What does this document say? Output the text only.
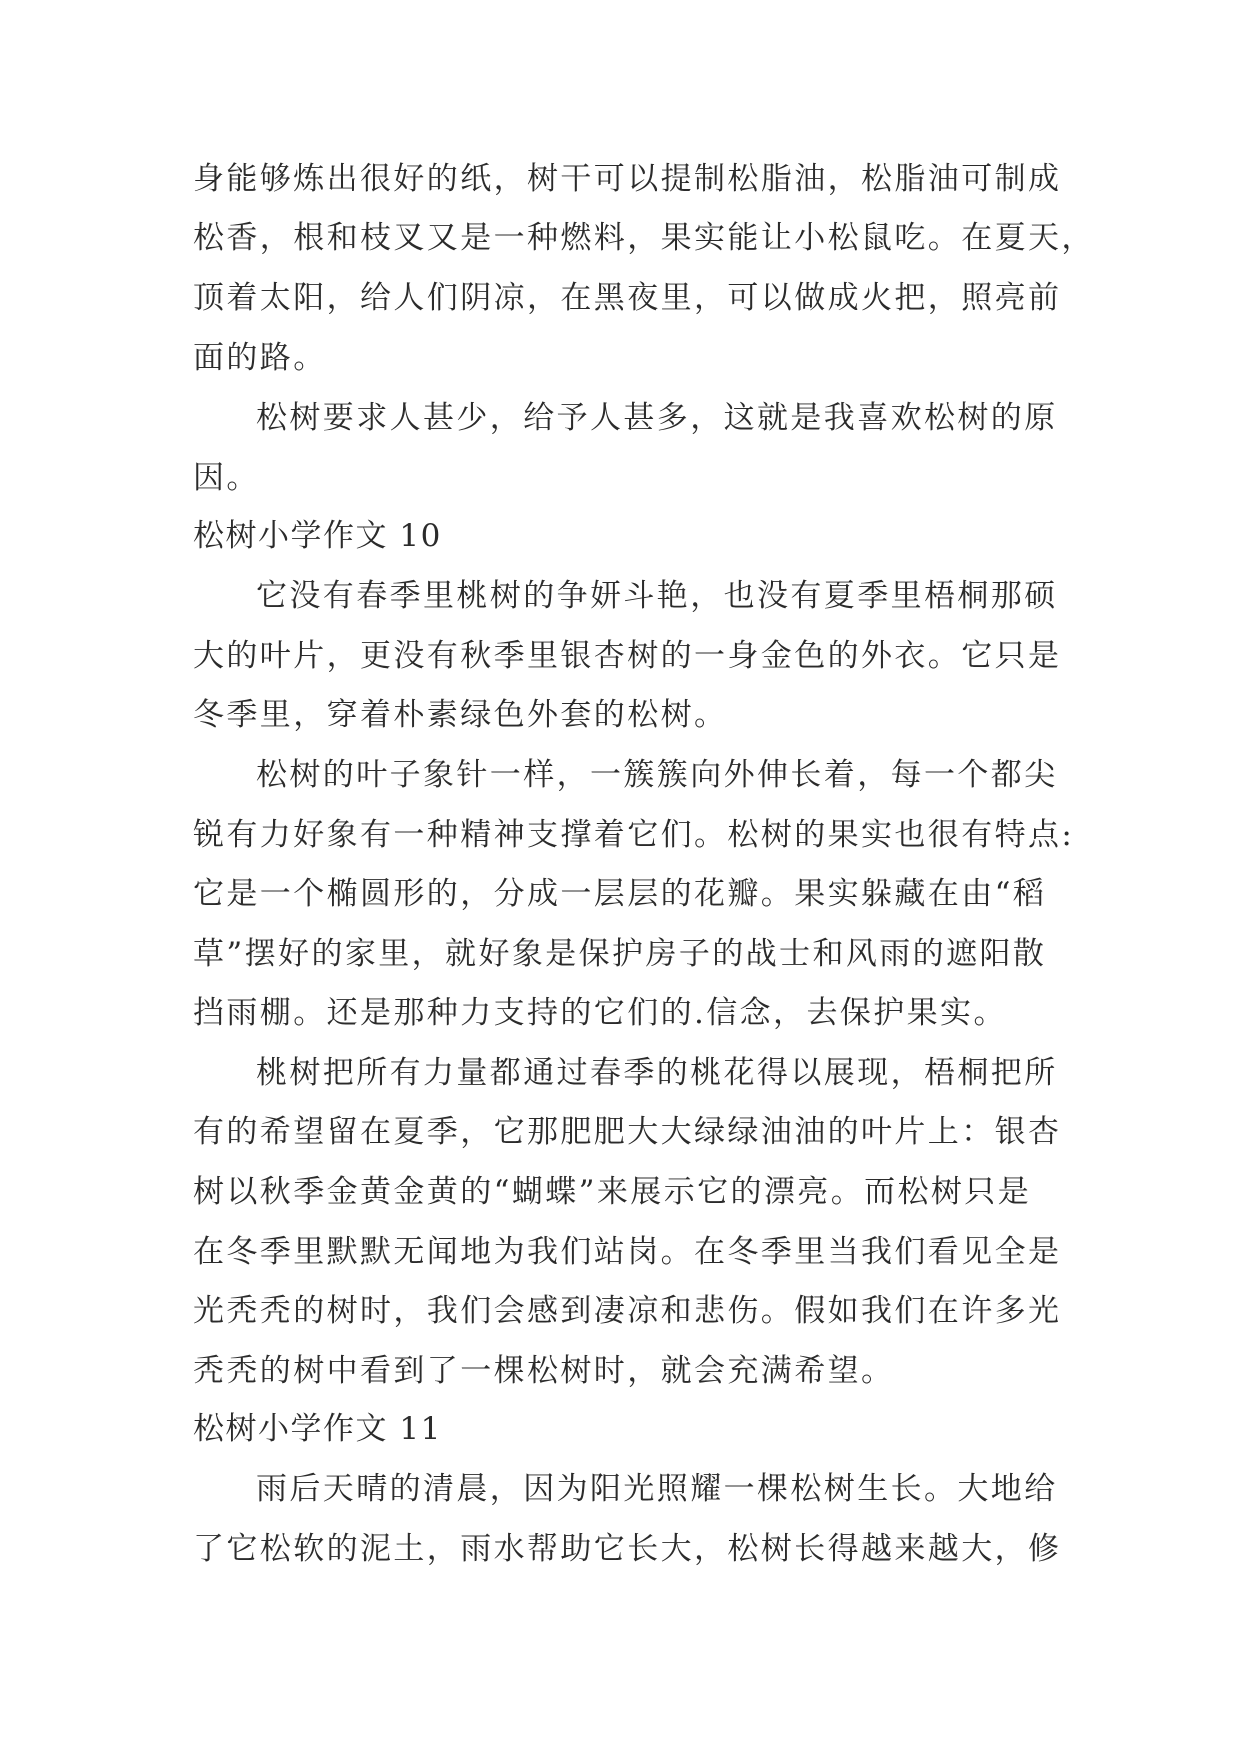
身能够炼出很好的纸，树干可以提制松脂油，松脂油可制成
松香，根和枝叉又是一种燃料，果实能让小松鼠吃。在夏天，
顶着太阳，给人们阴凉，在黑夜里，可以做成火把，照亮前
面的路。
松树要求人甚少，给予人甚多，这就是我喜欢松树的原
因。
松树小学作文 10
它没有春季里桃树的争妍斗艳，也没有夏季里梧桐那硕
大的叶片，更没有秋季里银杏树的一身金色的外衣。它只是
冬季里，穿着朴素绿色外套的松树。
松树的叶子象针一样，一簇簇向外伸长着，每一个都尖
锐有力好象有一种精神支撑着它们。松树的果实也很有特点:
它是一个椭圆形的，分成一层层的花瓣。果实躲藏在由“稻
草”摆好的家里，就好象是保护房子的战士和风雨的遮阳散
挡雨棚。还是那种力支持的它们的.信念，去保护果实。
桃树把所有力量都通过春季的桃花得以展现，梧桐把所
有的希望留在夏季，它那肥肥大大绿绿油油的叶片上：银杏
树以秋季金黄金黄的“蝴蝶”来展示它的漂亮。而松树只是
在冬季里默默无闻地为我们站岗。在冬季里当我们看见全是
光秃秃的树时，我们会感到凄凉和悲伤。假如我们在许多光
秃秃的树中看到了一棵松树时，就会充满希望。
松树小学作文 11
雨后天晴的清晨，因为阳光照耀一棵松树生长。大地给
了它松软的泥土，雨水帮助它长大，松树长得越来越大，修
